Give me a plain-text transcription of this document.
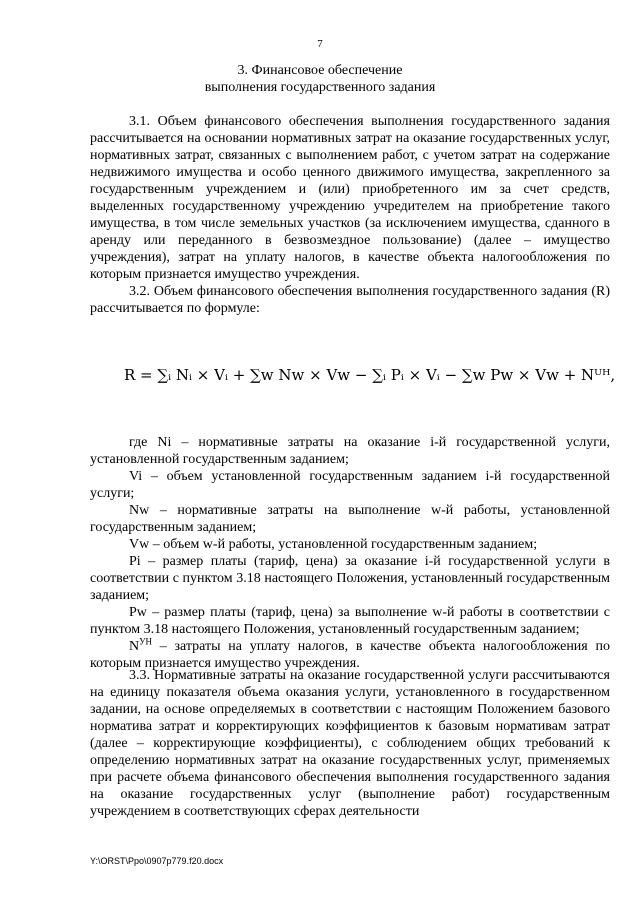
7
3. Финансовое обеспечение
выполнения государственного задания

3.1. Объем финансового обеспечения выполнения государственного задания рассчитывается на основании нормативных затрат на оказание государственных услуг, нормативных затрат, связанных с выполнением работ, с учетом затрат на содержание недвижимого имущества и особо ценного движимого имущества, закрепленного за государственным учреждением и (или) приобретенного им за счет средств, выделенных государственному учреждению учредителем на приобретение такого имущества, в том числе земельных участков (за исключением имущества, сданного в аренду или переданного в безвозмездное пользование) (далее – имущество учреждения), затрат на уплату налогов, в качестве объекта налогообложения по которым признается имущество учреждения.

3.2. Объем финансового обеспечения выполнения государственного задания (R) рассчитывается по формуле:

R = ∑ᵢ Nᵢ × Vᵢ + ∑w Nw × Vw − ∑ᵢ Pᵢ × Vᵢ − ∑w Pw × Vw + Nᵁᴴ,

где Ni – нормативные затраты на оказание i-й государственной услуги, установленной государственным заданием;

Vi – объем установленной государственным заданием i-й государственной услуги;

Nw – нормативные затраты на выполнение w-й работы, установленной государственным заданием;

Vw – объем w-й работы, установленной государственным заданием;

Pi – размер платы (тариф, цена) за оказание i-й государственной услуги в соответствии с пунктом 3.18 настоящего Положения, установленный государственным заданием;

Pw – размер платы (тариф, цена) за выполнение w-й работы в соответствии с пунктом 3.18 настоящего Положения, установленный государственным заданием;

$N^{УН}$ – затраты на уплату налогов, в качестве объекта налогообложения по которым признается имущество учреждения.

3.3. Нормативные затраты на оказание государственной услуги рассчитываются на единицу показателя объема оказания услуги, установленного в государственном задании, на основе определяемых в соответствии с настоящим Положением базового норматива затрат и корректирующих коэффициентов к базовым нормативам затрат (далее – корректирующие коэффициенты), с соблюдением общих требований к определению нормативных затрат на оказание государственных услуг, применяемых при расчете объема финансового обеспечения выполнения государственного задания на оказание государственных услуг (выполнение работ) государственным учреждением в соответствующих сферах деятельности

Y:\ORST\Ppo\0907p779.f20.docx
